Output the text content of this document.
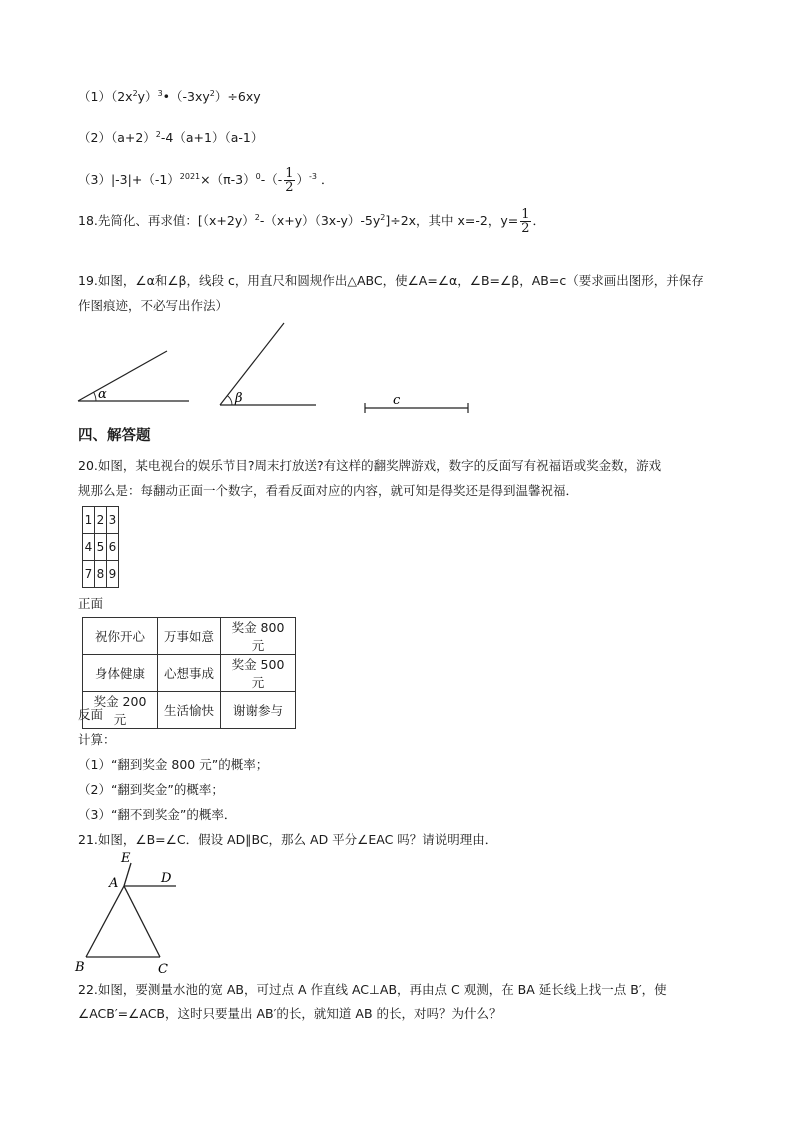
$(1)(2x^2y)^3•(-3xy^2)\div 6xy$
$(2)(a+2)^2-4(a+1)(a-1)$
$(3)|-3|+(-1)^{2021}\times(\pi-3)^0-(- \frac{1}{2} )^{-3}$ ．
18.先简化、再求值：$[(x+2y)^2-(x+y)(3x-y)-5y^2]\div 2x$，其中 x=-2，$y= \frac{1}{2}$ ．
19.如图，∠α和∠β，线段 c，用直尺和圆规作出△ABC，使∠A=∠α，∠B=∠β，AB=c（要求画出图形，并保存
作图痕迹，不必写出作法）
α	β	c
四、解答题
20.如图，某电视台的娱乐节目?周末打放送?有这样的翻奖牌游戏，数字的反面写有祝福语或奖金数，游戏
规那么是：每翻动正面一个数字，看看反面对应的内容，就可知是得奖还是得到温馨祝福．
1	2	3
4	5	6
7	8	9
正面
祝你开心	万事如意	奖金 800 元
身体健康	心想事成	奖金 500 元
奖金 200 元	生活愉快	谢谢参与
反面
计算：
（1）“翻到奖金 800 元”的概率；
（2）“翻到奖金”的概率；
（3）“翻不到奖金”的概率．
21.如图，∠B=∠C．假设 AD∥BC，那么 AD 平分∠EAC 吗？请说明理由．
E
A	D
B	C
22.如图，要测量水池的宽 AB，可过点 A 作直线 AC⊥AB，再由点 C 观测，在 BA 延长线上找一点 B′，使
∠ACB′=∠ACB，这时只要量出 AB′的长，就知道 AB 的长，对吗？为什么？
